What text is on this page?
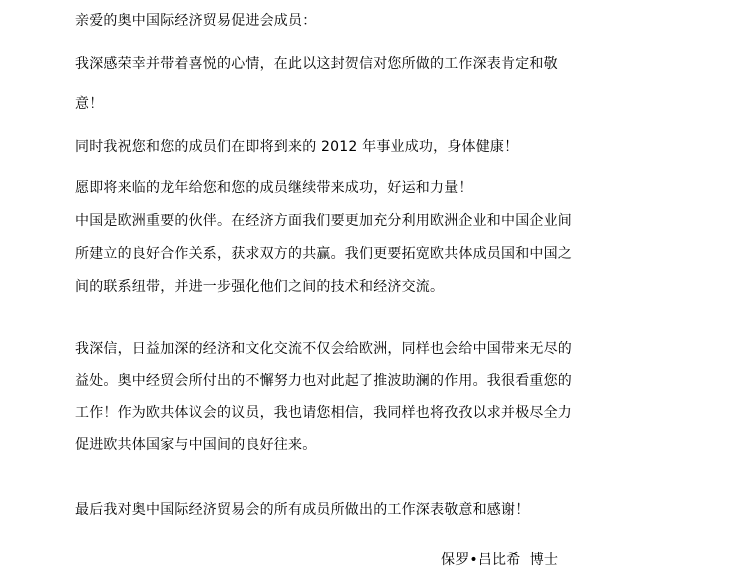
亲爱的奥中国际经济贸易促进会成员：
我深感荣幸并带着喜悦的心情，在此以这封贺信对您所做的工作深表肯定和敬
意！
同时我祝您和您的成员们在即将到来的 2012 年事业成功，身体健康！
愿即将来临的龙年给您和您的成员继续带来成功，好运和力量！
中国是欧洲重要的伙伴。在经济方面我们要更加充分利用欧洲企业和中国企业间
所建立的良好合作关系，获求双方的共赢。我们更要拓宽欧共体成员国和中国之
间的联系纽带，并进一步强化他们之间的技术和经济交流。
我深信，日益加深的经济和文化交流不仅会给欧洲，同样也会给中国带来无尽的
益处。奥中经贸会所付出的不懈努力也对此起了推波助澜的作用。我很看重您的
工作！作为欧共体议会的议员，我也请您相信，我同样也将孜孜以求并极尽全力
促进欧共体国家与中国间的良好往来。
最后我对奥中国际经济贸易会的所有成员所做出的工作深表敬意和感谢！
保罗•吕比希  博士
